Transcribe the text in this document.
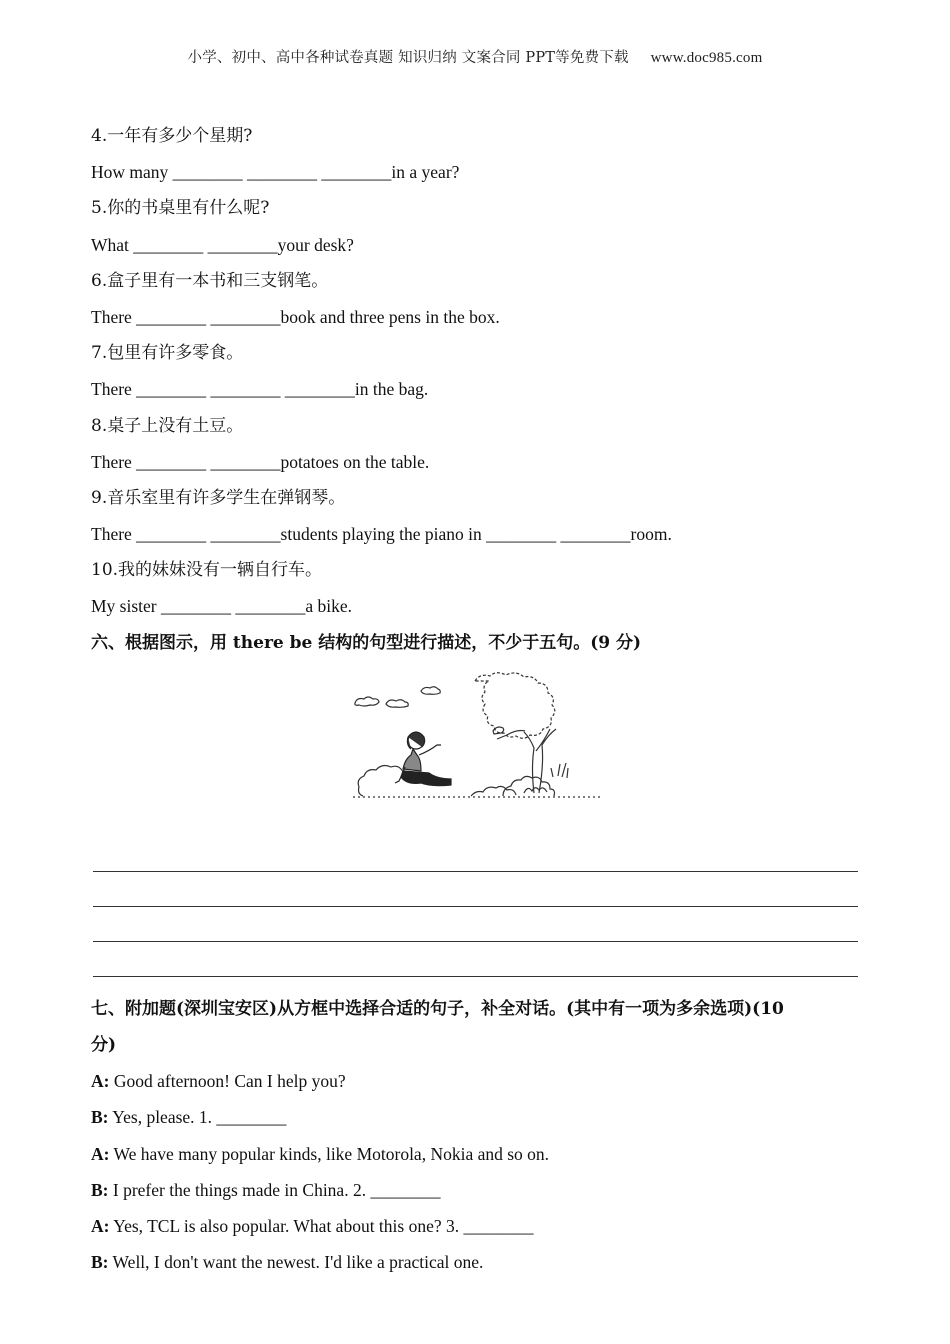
小学、初中、高中各种试卷真题 知识归纳 文案合同 PPT等免费下载 www.doc985.com
4.一年有多少个星期?
How many ________ ________ ________in a year?
5.你的书桌里有什么呢?
What ________ ________your desk?
6.盒子里有一本书和三支钢笔。
There ________ ________book and three pens in the box.
7.包里有许多零食。
There ________ ________ ________in the bag.
8.桌子上没有土豆。
There ________ ________potatoes on the table.
9.音乐室里有许多学生在弹钢琴。
There ________ ________students playing the piano in ________ ________room.
10.我的妹妹没有一辆自行车。
My sister ________ ________a bike.
六、根据图示，用 there be 结构的句型进行描述，不少于五句。(9 分)
七、附加题(深圳宝安区)从方框中选择合适的句子，补全对话。(其中有一项为多余选项)(10
分)
A: Good afternoon! Can I help you?
B: Yes, please. 1. ________
A: We have many popular kinds, like Motorola, Nokia and so on.
B: I prefer the things made in China. 2. ________
A: Yes, TCL is also popular. What about this one? 3. ________
B: Well, I don't want the newest. I'd like a practical one.
